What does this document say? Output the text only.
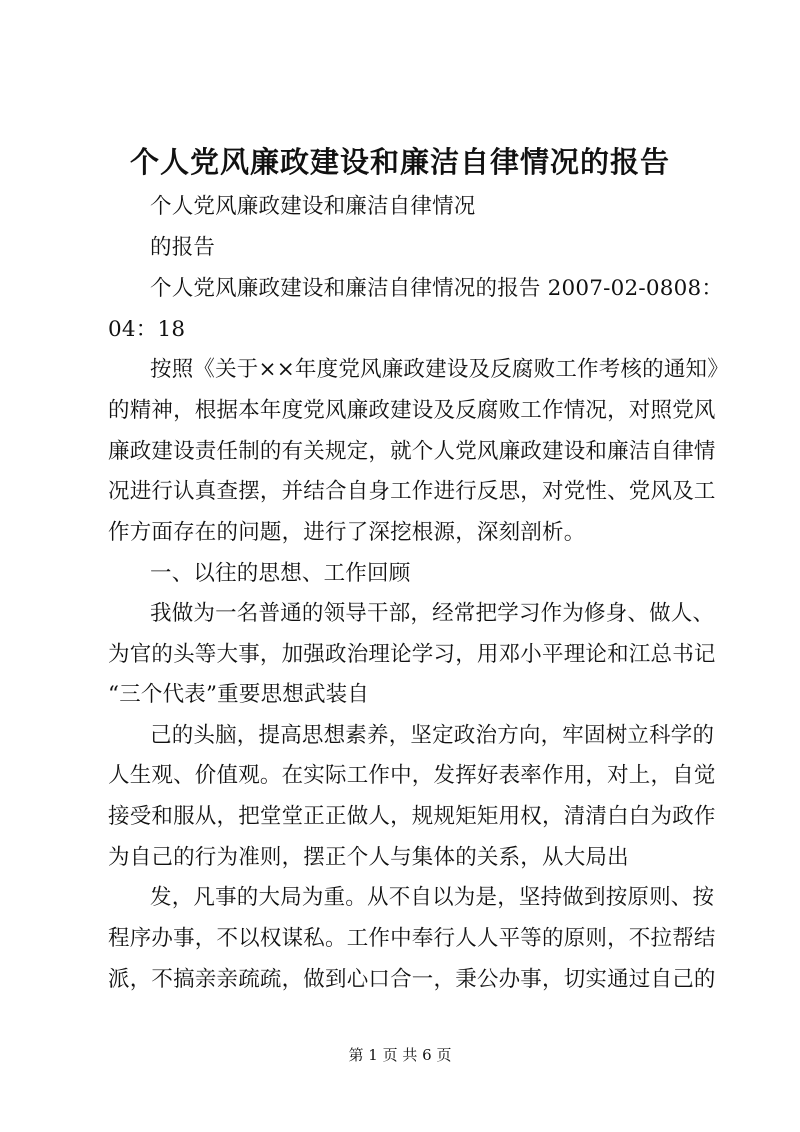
个人党风廉政建设和廉洁自律情况的报告
个人党风廉政建设和廉洁自律情况
的报告
个人党风廉政建设和廉洁自律情况的报告 2007-02-0808：
04：18
按照《关于××年度党风廉政建设及反腐败工作考核的通知》
的精神，根据本年度党风廉政建设及反腐败工作情况，对照党风
廉政建设责任制的有关规定，就个人党风廉政建设和廉洁自律情
况进行认真查摆，并结合自身工作进行反思，对党性、党风及工
作方面存在的问题，进行了深挖根源，深刻剖析。
一、以往的思想、工作回顾
我做为一名普通的领导干部，经常把学习作为修身、做人、
为官的头等大事，加强政治理论学习，用邓小平理论和江总书记
“三个代表”重要思想武装自
己的头脑，提高思想素养，坚定政治方向，牢固树立科学的
人生观、价值观。在实际工作中，发挥好表率作用，对上，自觉
接受和服从，把堂堂正正做人，规规矩矩用权，清清白白为政作
为自己的行为准则，摆正个人与集体的关系，从大局出
发，凡事的大局为重。从不自以为是，坚持做到按原则、按
程序办事，不以权谋私。工作中奉行人人平等的原则，不拉帮结
派，不搞亲亲疏疏，做到心口合一，秉公办事，切实通过自己的
第 1 页 共 6 页
